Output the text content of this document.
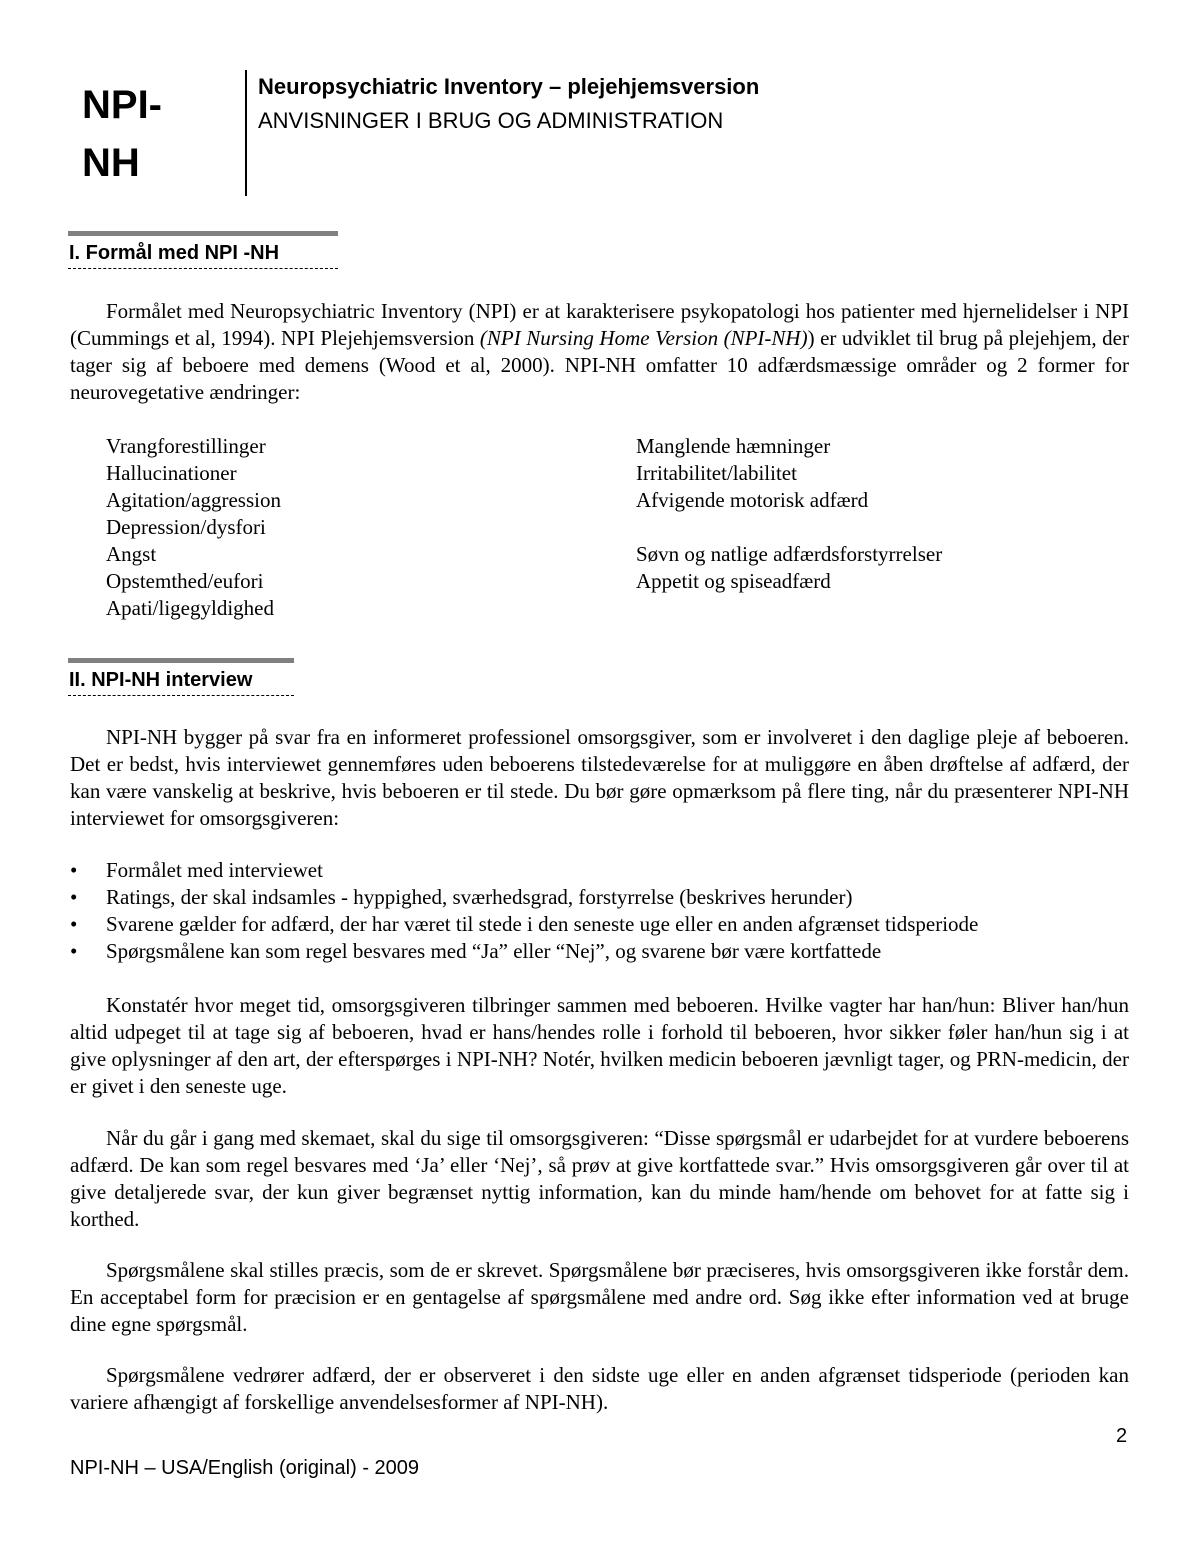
NPI-
NH
Neuropsychiatric Inventory – plejehjemsversion
ANVISNINGER I BRUG OG ADMINISTRATION
I. Formål med NPI -NH
Formålet med Neuropsychiatric Inventory (NPI) er at karakterisere psykopatologi hos patienter med hjernelidelser i NPI (Cummings et al, 1994). NPI Plejehjemsversion (NPI Nursing Home Version (NPI-NH)) er udviklet til brug på plejehjem, der tager sig af beboere med demens (Wood et al, 2000). NPI-NH omfatter 10 adfærdsmæssige områder og 2 former for neurovegetative ændringer:
Vrangforestillinger
Hallucinationer
Agitation/aggression
Depression/dysfori
Angst
Opstemthed/eufori
Apati/ligegyldighed
Manglende hæmninger
Irritabilitet/labilitet
Afvigende motorisk adfærd
Søvn og natlige adfærdsforstyrrelser
Appetit og spiseadfærd
II. NPI-NH interview
NPI-NH bygger på svar fra en informeret professionel omsorgsgiver, som er involveret i den daglige pleje af beboeren. Det er bedst, hvis interviewet gennemføres uden beboerens tilstedeværelse for at muliggøre en åben drøftelse af adfærd, der kan være vanskelig at beskrive, hvis beboeren er til stede. Du bør gøre opmærksom på flere ting, når du præsenterer NPI-NH interviewet for omsorgsgiveren:
• Formålet med interviewet
• Ratings, der skal indsamles - hyppighed, sværhedsgrad, forstyrrelse (beskrives herunder)
• Svarene gælder for adfærd, der har været til stede i den seneste uge eller en anden afgrænset tidsperiode
• Spørgsmålene kan som regel besvares med “Ja” eller “Nej”, og svarene bør være kortfattede
Konstatér hvor meget tid, omsorgsgiveren tilbringer sammen med beboeren. Hvilke vagter har han/hun: Bliver han/hun altid udpeget til at tage sig af beboeren, hvad er hans/hendes rolle i forhold til beboeren, hvor sikker føler han/hun sig i at give oplysninger af den art, der efterspørges i NPI-NH? Notér, hvilken medicin beboeren jævnligt tager, og PRN-medicin, der er givet i den seneste uge.
Når du går i gang med skemaet, skal du sige til omsorgsgiveren: “Disse spørgsmål er udarbejdet for at vurdere beboerens adfærd. De kan som regel besvares med ‘Ja’ eller ‘Nej’, så prøv at give kortfattede svar.” Hvis omsorgsgiveren går over til at give detaljerede svar, der kun giver begrænset nyttig information, kan du minde ham/hende om behovet for at fatte sig i korthed.
Spørgsmålene skal stilles præcis, som de er skrevet. Spørgsmålene bør præciseres, hvis omsorgsgiveren ikke forstår dem. En acceptabel form for præcision er en gentagelse af spørgsmålene med andre ord. Søg ikke efter information ved at bruge dine egne spørgsmål.
Spørgsmålene vedrører adfærd, der er observeret i den sidste uge eller en anden afgrænset tidsperiode (perioden kan variere afhængigt af forskellige anvendelsesformer af NPI-NH).
2
NPI-NH – USA/English (original) - 2009
